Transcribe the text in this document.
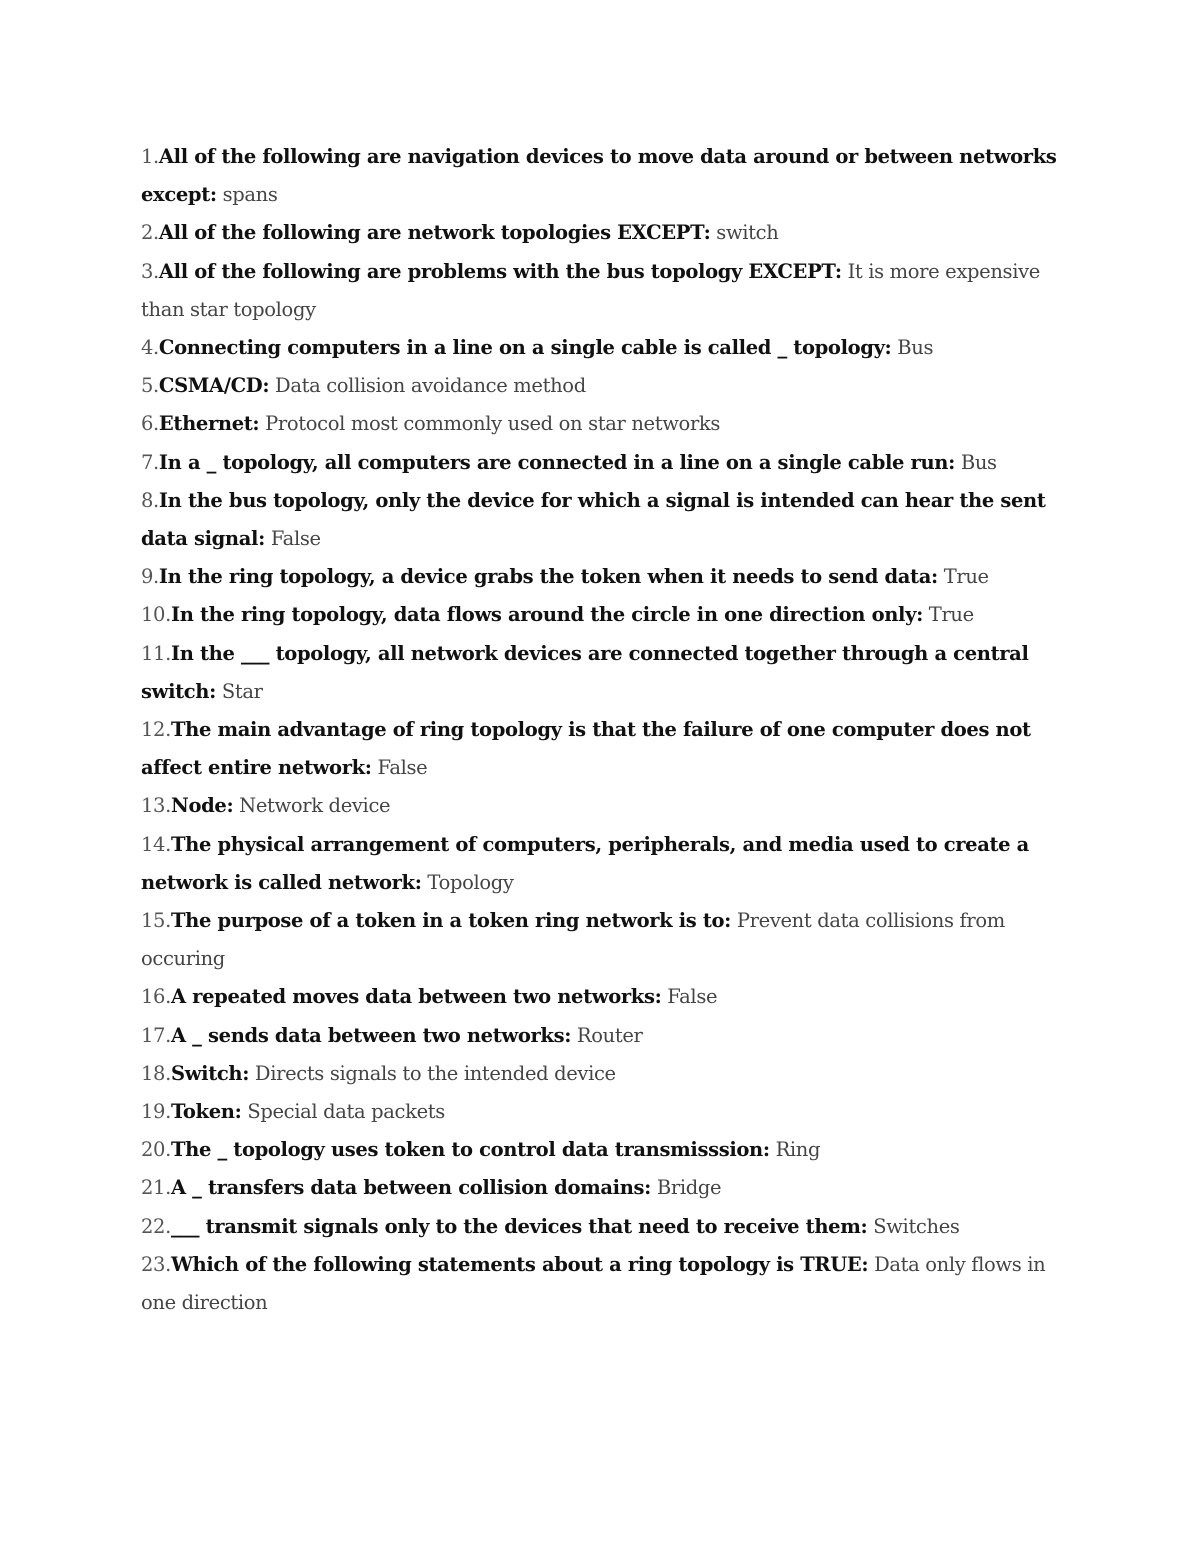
1.All of the following are navigation devices to move data around or between networks except: spans
2.All of the following are network topologies EXCEPT: switch
3.All of the following are problems with the bus topology EXCEPT: It is more expensive than star topology
4.Connecting computers in a line on a single cable is called _ topology: Bus
5.CSMA/CD: Data collision avoidance method
6.Ethernet: Protocol most commonly used on star networks
7.In a _ topology, all computers are connected in a line on a single cable run: Bus
8.In the bus topology, only the device for which a signal is intended can hear the sent data signal: False
9.In the ring topology, a device grabs the token when it needs to send data: True
10.In the ring topology, data flows around the circle in one direction only: True
11.In the ___ topology, all network devices are connected together through a central switch: Star
12.The main advantage of ring topology is that the failure of one computer does not affect entire network: False
13.Node: Network device
14.The physical arrangement of computers, peripherals, and media used to create a network is called network: Topology
15.The purpose of a token in a token ring network is to: Prevent data collisions from occuring
16.A repeated moves data between two networks: False
17.A _ sends data between two networks: Router
18.Switch: Directs signals to the intended device
19.Token: Special data packets
20.The _ topology uses token to control data transmisssion: Ring
21.A _ transfers data between collision domains: Bridge
22.___ transmit signals only to the devices that need to receive them: Switches
23.Which of the following statements about a ring topology is TRUE: Data only flows in one direction
